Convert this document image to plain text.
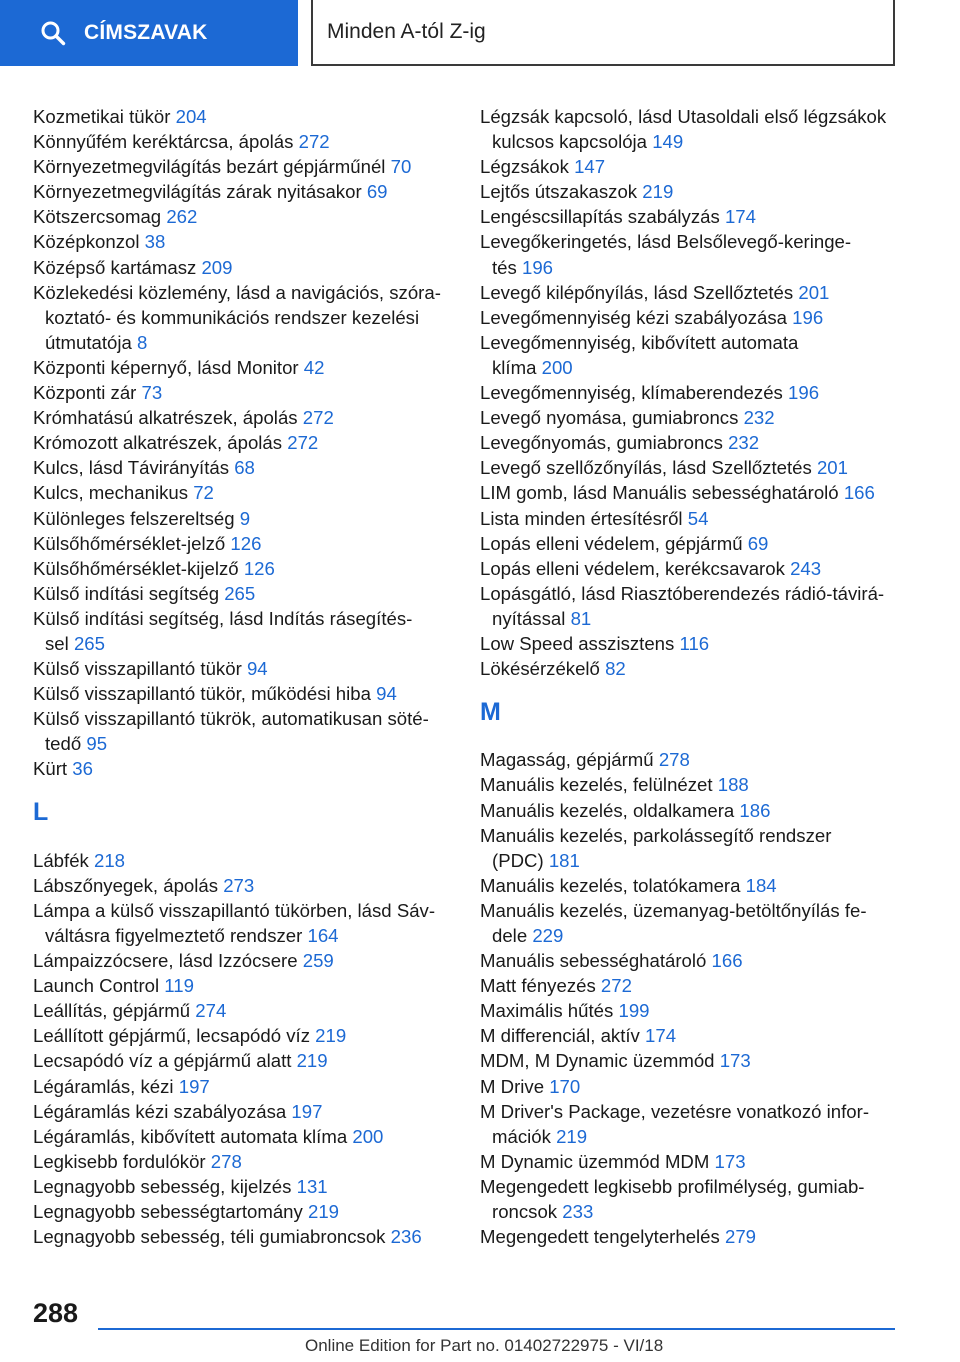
CÍMSZAVAK	Minden A-tól Z-ig
Kozmetikai tükör 204
Könnyűfém keréktárcsa, ápolás 272
Környezetmegvilágítás bezárt gépjárműnél 70
Környezetmegvilágítás zárak nyitásakor 69
Kötszercsomag 262
Középkonzol 38
Középső kartámasz 209
Közlekedési közlemény, lásd a navigációs, szóra-
koztató- és kommunikációs rendszer kezelési
útmutatója 8
Központi képernyő, lásd Monitor 42
Központi zár 73
Krómhatású alkatrészek, ápolás 272
Krómozott alkatrészek, ápolás 272
Kulcs, lásd Távirányítás 68
Kulcs, mechanikus 72
Különleges felszereltség 9
Külsőhőmérséklet-jelző 126
Külsőhőmérséklet-kijelző 126
Külső indítási segítség 265
Külső indítási segítség, lásd Indítás rásegítés-
sel 265
Külső visszapillantó tükör 94
Külső visszapillantó tükör, működési hiba 94
Külső visszapillantó tükrök, automatikusan söté-
tedő 95
Kürt 36
L
Lábfék 218
Lábszőnyegek, ápolás 273
Lámpa a külső visszapillantó tükörben, lásd Sáv-
váltásra figyelmeztető rendszer 164
Lámpaizzócsere, lásd Izzócsere 259
Launch Control 119
Leállítás, gépjármű 274
Leállított gépjármű, lecsapódó víz 219
Lecsapódó víz a gépjármű alatt 219
Légáramlás, kézi 197
Légáramlás kézi szabályozása 197
Légáramlás, kibővített automata klíma 200
Legkisebb fordulókör 278
Legnagyobb sebesség, kijelzés 131
Legnagyobb sebességtartomány 219
Legnagyobb sebesség, téli gumiabroncsok 236
Légzsák kapcsoló, lásd Utasoldali első légzsákok
kulcsos kapcsolója 149
Légzsákok 147
Lejtős útszakaszok 219
Lengéscsillapítás szabályzás 174
Levegőkeringetés, lásd Belsőlevegő-keringe-
tés 196
Levegő kilépőnyílás, lásd Szellőztetés 201
Levegőmennyiség kézi szabályozása 196
Levegőmennyiség, kibővített automata
klíma 200
Levegőmennyiség, klímaberendezés 196
Levegő nyomása, gumiabroncs 232
Levegőnyomás, gumiabroncs 232
Levegő szellőzőnyílás, lásd Szellőztetés 201
LIM gomb, lásd Manuális sebességhatároló 166
Lista minden értesítésről 54
Lopás elleni védelem, gépjármű 69
Lopás elleni védelem, kerékcsavarok 243
Lopásgátló, lásd Riasztóberendezés rádió-távirá-
nyítással 81
Low Speed asszisztens 116
Lökésérzékelő 82
M
Magasság, gépjármű 278
Manuális kezelés, felülnézet 188
Manuális kezelés, oldalkamera 186
Manuális kezelés, parkolássegítő rendszer
(PDC) 181
Manuális kezelés, tolatókamera 184
Manuális kezelés, üzemanyag-betöltőnyílás fe-
dele 229
Manuális sebességhatároló 166
Matt fényezés 272
Maximális hűtés 199
M differenciál, aktív 174
MDM, M Dynamic üzemmód 173
M Drive 170
M Driver's Package, vezetésre vonatkozó infor-
mációk 219
M Dynamic üzemmód MDM 173
Megengedett legkisebb profilmélység, gumiab-
roncsok 233
Megengedett tengelyterhelés 279
288
Online Edition for Part no. 01402722975 - VI/18
